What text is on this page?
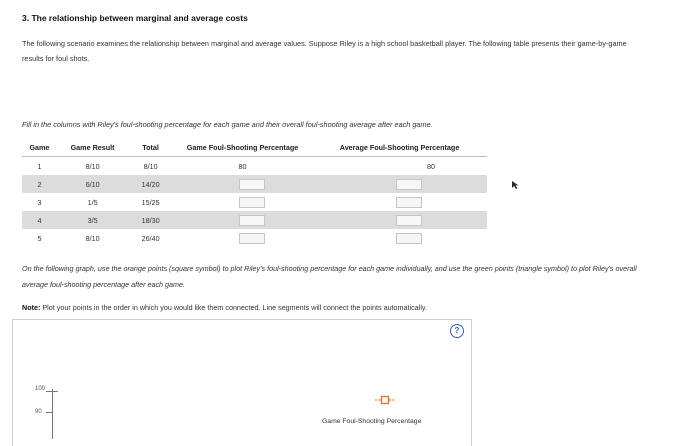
3. The relationship between marginal and average costs
The following scenario examines the relationship between marginal and average values. Suppose Riley is a high school basketball player. The following table presents their game-by-game results for foul shots.
Fill in the columns with Riley's foul-shooting percentage for each game and their overall foul-shooting average after each game.
Game	Game Result	Total	Game Foul-Shooting Percentage	Average Foul-Shooting Percentage
1	8/10	8/10	80	80
2	6/10	14/20		
3	1/5	15/25		
4	3/5	18/30		
5	8/10	26/40		
On the following graph, use the orange points (square symbol) to plot Riley's foul-shooting percentage for each game individually, and use the green points (triangle symbol) to plot Riley's overall average foul-shooting percentage after each game.
Note: Plot your points in the order in which you would like them connected. Line segments will connect the points automatically.
?
100
90
Game Foul-Shooting Percentage
